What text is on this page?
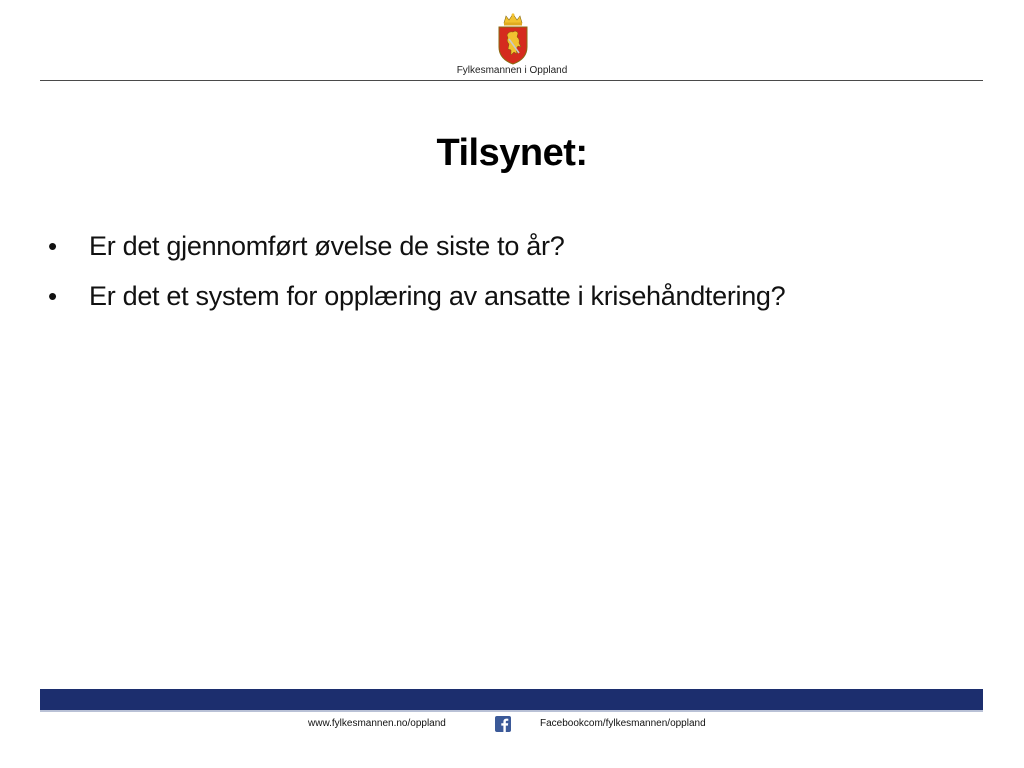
Fylkesmannen i Oppland
Tilsynet:
•	Er det gjennomført øvelse de siste to år?
•	Er det et system for opplæring av ansatte i krisehåndtering?
www.fylkesmannen.no/oppland	Facebookcom/fylkesmannen/oppland
